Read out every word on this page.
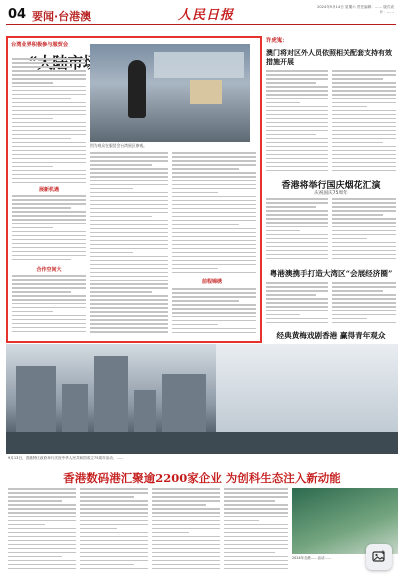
04 要闻·台港澳	人民日报
2024年9月14日 星期六 责任编辑：…… 版式设计：……
台湾业界积极参与服贸会
展新机遇
合作空间大
图为观众在服贸会台湾展区参观。
前程锦绣
许虎嵬：
澳门将对区外人员依照相关配套支持有效措施开展
香港将举行国庆烟花汇演
庆祝国庆75周年
粤港澳携手打造大湾区“会展经济圈”
经典黄梅戏剧香港 赢得青年观众
9月13日，香港特区政府举行庆祝中华人民共和国成立75周年活动，……
香港数码港汇聚逾2200家企业 为创科生态注入新动能
2024年全港……活动……
